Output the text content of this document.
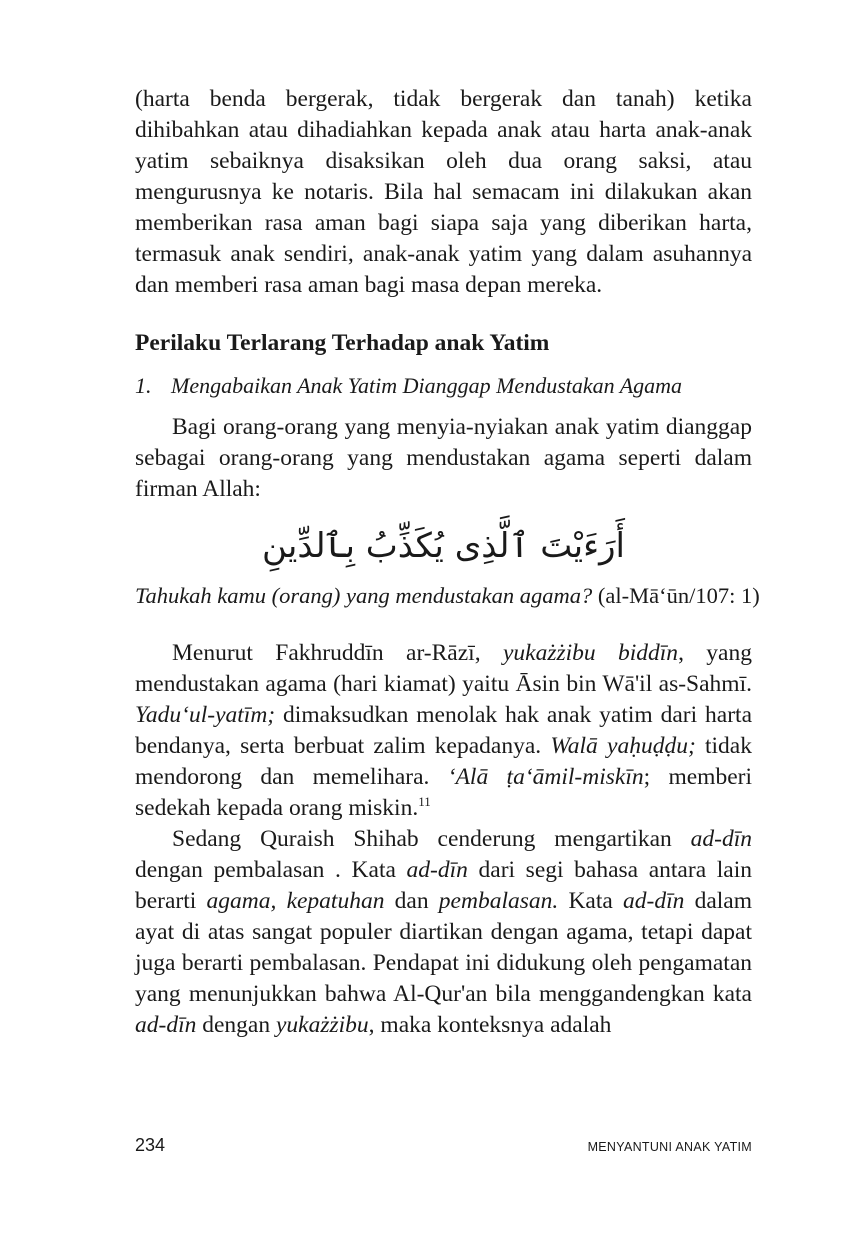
(harta benda bergerak, tidak bergerak dan tanah) ketika dihibahkan atau dihadiahkan kepada anak atau harta anak-anak yatim sebaiknya disaksikan oleh dua orang saksi, atau mengurusnya ke notaris. Bila hal semacam ini dilakukan akan memberikan rasa aman bagi siapa saja yang diberikan harta, termasuk anak sendiri, anak-anak yatim yang dalam asuhannya dan memberi rasa aman bagi masa depan mereka.

Perilaku Terlarang Terhadap anak Yatim
1. Mengabaikan Anak Yatim Dianggap Mendustakan Agama

Bagi orang-orang yang menyia-nyiakan anak yatim dianggap sebagai orang-orang yang mendustakan agama seperti dalam firman Allah:

أَرَءَيْتَ ٱلَّذِى يُكَذِّبُ بِٱلدِّينِ

Tahukah kamu (orang) yang mendustakan agama? (al-Mā‘ūn/107: 1)

Menurut Fakhruddīn ar-Rāzī, yukażżibu biddīn, yang mendustakan agama (hari kiamat) yaitu Āsin bin Wā'il as-Sahmī. Yadu‘ul-yatīm; dimaksudkan menolak hak anak yatim dari harta bendanya, serta berbuat zalim kepadanya. Walā yaḥuḍḍu; tidak mendorong dan memelihara. ‘Alā ṭa‘āmil-miskīn; memberi sedekah kepada orang miskin.$^{11}$

Sedang Quraish Shihab cenderung mengartikan ad-dīn dengan pembalasan . Kata ad-dīn dari segi bahasa antara lain berarti agama, kepatuhan dan pembalasan. Kata ad-dīn dalam ayat di atas sangat populer diartikan dengan agama, tetapi dapat juga berarti pembalasan. Pendapat ini didukung oleh pengamatan yang menunjukkan bahwa Al-Qur'an bila menggandengkan kata ad-dīn dengan yukażżibu, maka konteksnya adalah

234	MENYANTUNI ANAK YATIM
